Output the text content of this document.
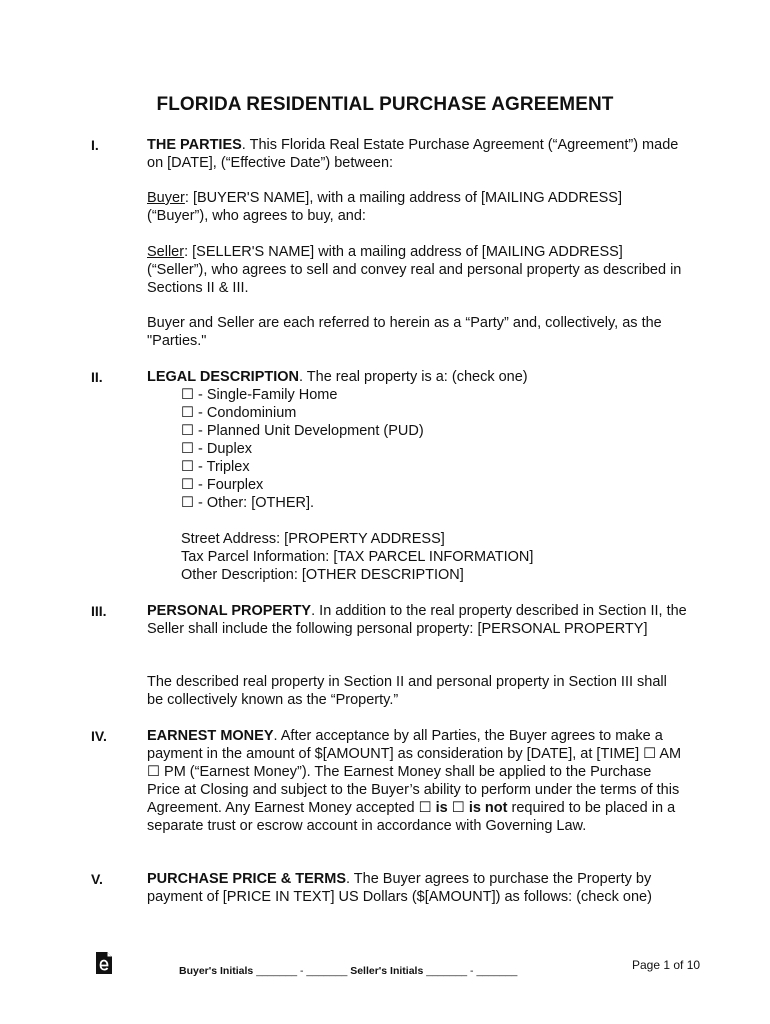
FLORIDA RESIDENTIAL PURCHASE AGREEMENT
I.	THE PARTIES. This Florida Real Estate Purchase Agreement (“Agreement”) made on [DATE], (“Effective Date”) between:
Buyer: [BUYER'S NAME], with a mailing address of [MAILING ADDRESS] (“Buyer”), who agrees to buy, and:
Seller: [SELLER'S NAME] with a mailing address of [MAILING ADDRESS] (“Seller”), who agrees to sell and convey real and personal property as described in Sections II & III.
Buyer and Seller are each referred to herein as a “Party” and, collectively, as the "Parties."
II.	LEGAL DESCRIPTION. The real property is a: (check one)
☐ - Single-Family Home
☐ - Condominium
☐ - Planned Unit Development (PUD)
☐ - Duplex
☐ - Triplex
☐ - Fourplex
☐ - Other: [OTHER].
Street Address: [PROPERTY ADDRESS]
Tax Parcel Information: [TAX PARCEL INFORMATION]
Other Description: [OTHER DESCRIPTION]
III.	PERSONAL PROPERTY. In addition to the real property described in Section II, the Seller shall include the following personal property: [PERSONAL PROPERTY]
The described real property in Section II and personal property in Section III shall be collectively known as the “Property.”
IV.	EARNEST MONEY. After acceptance by all Parties, the Buyer agrees to make a payment in the amount of $[AMOUNT] as consideration by [DATE], at [TIME] ☐ AM ☐ PM (“Earnest Money”). The Earnest Money shall be applied to the Purchase Price at Closing and subject to the Buyer’s ability to perform under the terms of this Agreement. Any Earnest Money accepted ☐ is ☐ is not required to be placed in a separate trust or escrow account in accordance with Governing Law.
V.	PURCHASE PRICE & TERMS. The Buyer agrees to purchase the Property by payment of [PRICE IN TEXT] US Dollars ($[AMOUNT]) as follows: (check one)
Buyer's Initials _______ - _______ Seller's Initials _______ - _______	Page 1 of 10
